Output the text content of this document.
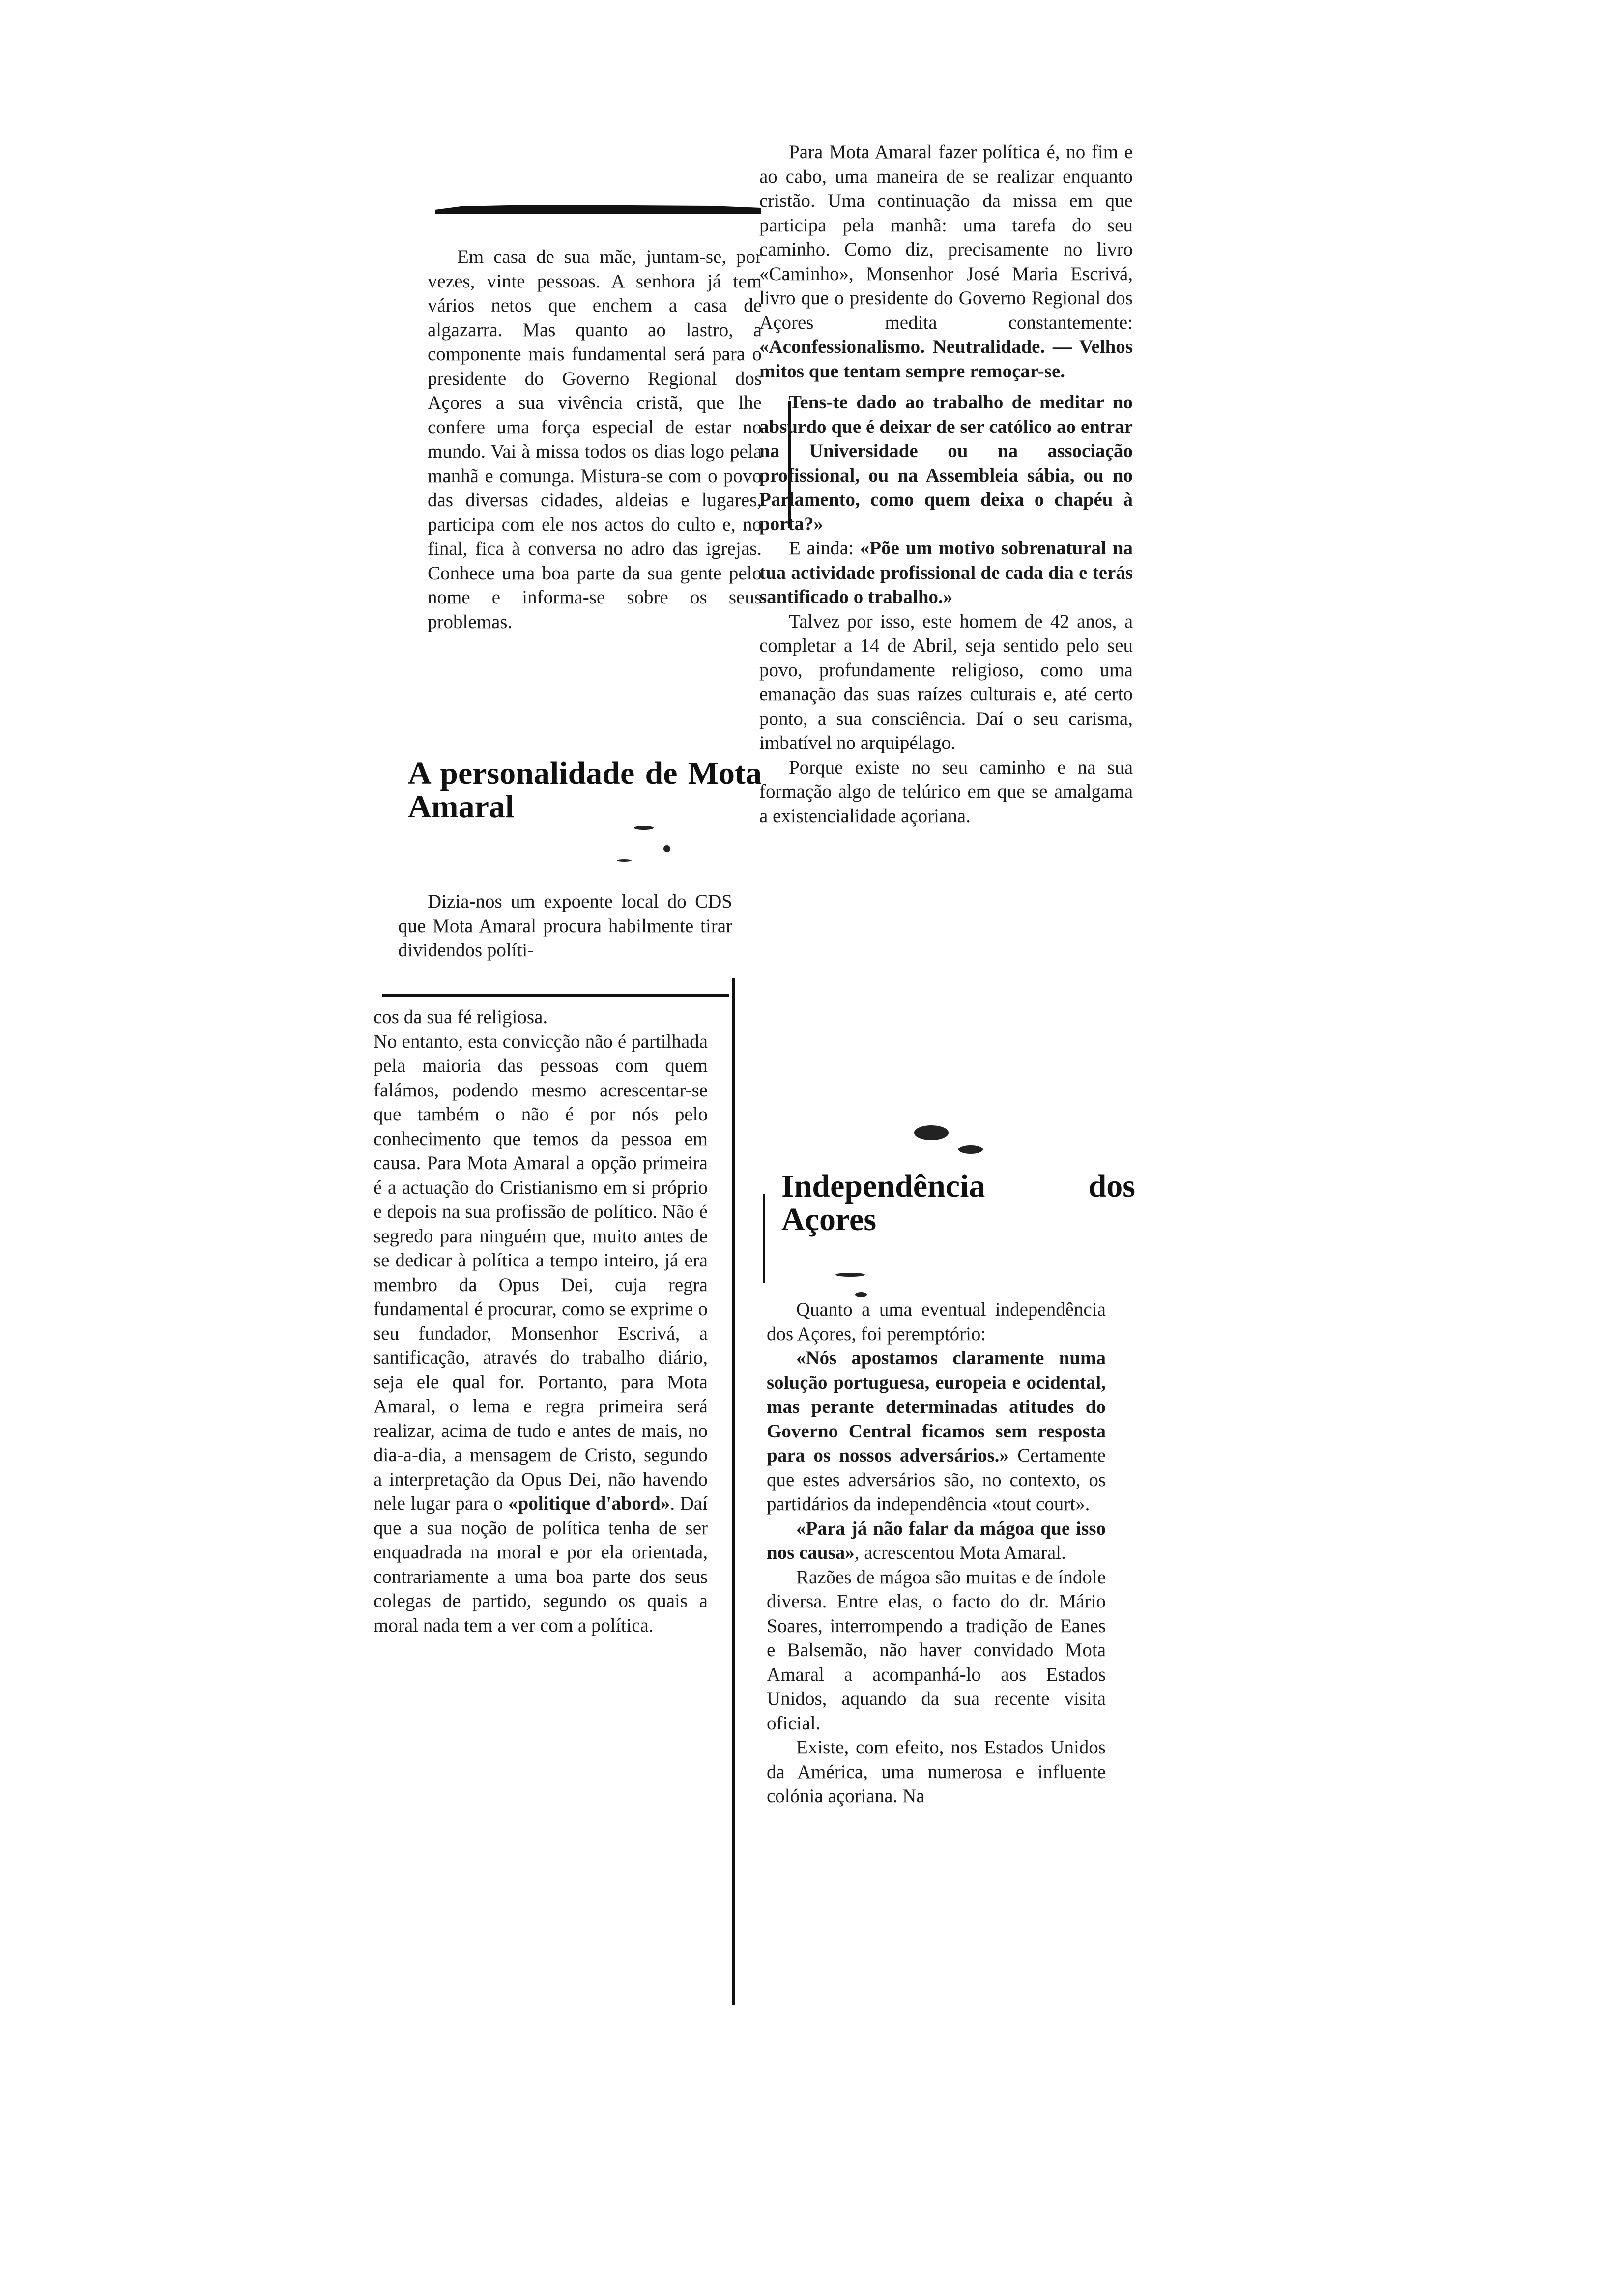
Em casa de sua mãe, juntam-se, por vezes, vinte pessoas. A senhora já tem vários netos que enchem a casa de algazarra. Mas quanto ao lastro, a componente mais fundamental será para o presidente do Governo Regional dos Açores a sua vivência cristã, que lhe confere uma força especial de estar no mundo. Vai à missa todos os dias logo pela manhã e comunga. Mistura-se com o povo das diversas cidades, aldeias e lugares, participa com ele nos actos do culto e, no final, fica à conversa no adro das igrejas. Conhece uma boa parte da sua gente pelo nome e informa-se sobre os seus problemas.

A personalidade de Mota Amaral

Dizia-nos um expoente local do CDS que Mota Amaral procura habilmente tirar dividendos políti-

cos da sua fé religiosa.

No entanto, esta convicção não é partilhada pela maioria das pessoas com quem falámos, podendo mesmo acrescentar-se que também o não é por nós pelo conhecimento que temos da pessoa em causa. Para Mota Amaral a opção primeira é a actuação do Cristianismo em si próprio e depois na sua profissão de político. Não é segredo para ninguém que, muito antes de se dedicar à política a tempo inteiro, já era membro da Opus Dei, cuja regra fundamental é procurar, como se exprime o seu fundador, Monsenhor Escrivá, a santificação, através do trabalho diário, seja ele qual for. Portanto, para Mota Amaral, o lema e regra primeira será realizar, acima de tudo e antes de mais, no dia-a-dia, a mensagem de Cristo, segundo a interpretação da Opus Dei, não havendo nele lugar para o «politique d'abord». Daí que a sua noção de política tenha de ser enquadrada na moral e por ela orientada, contrariamente a uma boa parte dos seus colegas de partido, segundo os quais a moral nada tem a ver com a política.

Para Mota Amaral fazer política é, no fim e ao cabo, uma maneira de se realizar enquanto cristão. Uma continuação da missa em que participa pela manhã: uma tarefa do seu caminho. Como diz, precisamente no livro «Caminho», Monsenhor José Maria Escrivá, livro que o presidente do Governo Regional dos Açores medita constantemente: «Aconfessionalismo. Neutralidade. — Velhos mitos que tentam sempre remoçar-se.

Tens-te dado ao trabalho de meditar no absurdo que é deixar de ser católico ao entrar na Universidade ou na associação profissional, ou na Assembleia sábia, ou no Parlamento, como quem deixa o chapéu à porta?»

E ainda: «Põe um motivo sobrenatural na tua actividade profissional de cada dia e terás santificado o trabalho.»

Talvez por isso, este homem de 42 anos, a completar a 14 de Abril, seja sentido pelo seu povo, profundamente religioso, como uma emanação das suas raízes culturais e, até certo ponto, a sua consciência. Daí o seu carisma, imbatível no arquipélago.

Porque existe no seu caminho e na sua formação algo de telúrico em que se amalgama a existencialidade açoriana.

Independência dos Açores

Quanto a uma eventual independência dos Açores, foi peremptório:

«Nós apostamos claramente numa solução portuguesa, europeia e ocidental, mas perante determinadas atitudes do Governo Central ficamos sem resposta para os nossos adversários.» Certamente que estes adversários são, no contexto, os partidários da independência «tout court».

«Para já não falar da mágoa que isso nos causa», acrescentou Mota Amaral.

Razões de mágoa são muitas e de índole diversa. Entre elas, o facto do dr. Mário Soares, interrompendo a tradição de Eanes e Balsemão, não haver convidado Mota Amaral a acompanhá-lo aos Estados Unidos, aquando da sua recente visita oficial.

Existe, com efeito, nos Estados Unidos da América, uma numerosa e influente colónia açoriana. Na
